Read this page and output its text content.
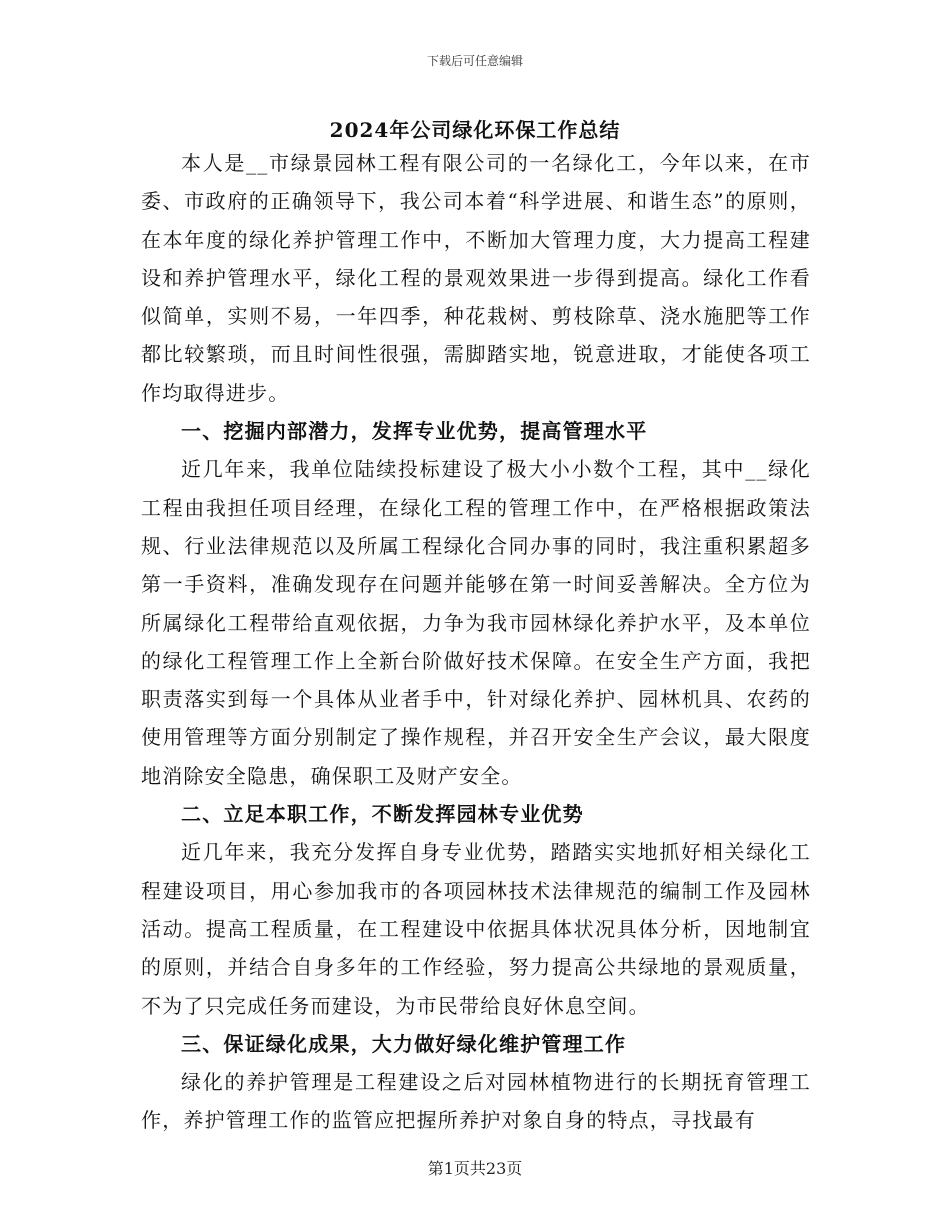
下载后可任意编辑
2024年公司绿化环保工作总结

本人是__市绿景园林工程有限公司的一名绿化工，今年以来，在市委、市政府的正确领导下，我公司本着“科学进展、和谐生态”的原则，在本年度的绿化养护管理工作中，不断加大管理力度，大力提高工程建设和养护管理水平，绿化工程的景观效果进一步得到提高。绿化工作看似简单，实则不易，一年四季，种花栽树、剪枝除草、浇水施肥等工作都比较繁琐，而且时间性很强，需脚踏实地，锐意进取，才能使各项工作均取得进步。

一、挖掘内部潜力，发挥专业优势，提高管理水平

近几年来，我单位陆续投标建设了极大小小数个工程，其中__绿化工程由我担任项目经理，在绿化工程的管理工作中，在严格根据政策法规、行业法律规范以及所属工程绿化合同办事的同时，我注重积累超多第一手资料，准确发现存在问题并能够在第一时间妥善解决。全方位为所属绿化工程带给直观依据，力争为我市园林绿化养护水平，及本单位的绿化工程管理工作上全新台阶做好技术保障。在安全生产方面，我把职责落实到每一个具体从业者手中，针对绿化养护、园林机具、农药的使用管理等方面分别制定了操作规程，并召开安全生产会议，最大限度地消除安全隐患，确保职工及财产安全。

二、立足本职工作，不断发挥园林专业优势

近几年来，我充分发挥自身专业优势，踏踏实实地抓好相关绿化工程建设项目，用心参加我市的各项园林技术法律规范的编制工作及园林活动。提高工程质量，在工程建设中依据具体状况具体分析，因地制宜的原则，并结合自身多年的工作经验，努力提高公共绿地的景观质量，不为了只完成任务而建设，为市民带给良好休息空间。

三、保证绿化成果，大力做好绿化维护管理工作

绿化的养护管理是工程建设之后对园林植物进行的长期抚育管理工作，养护管理工作的监管应把握所养护对象自身的特点，寻找最有

第1页共23页
